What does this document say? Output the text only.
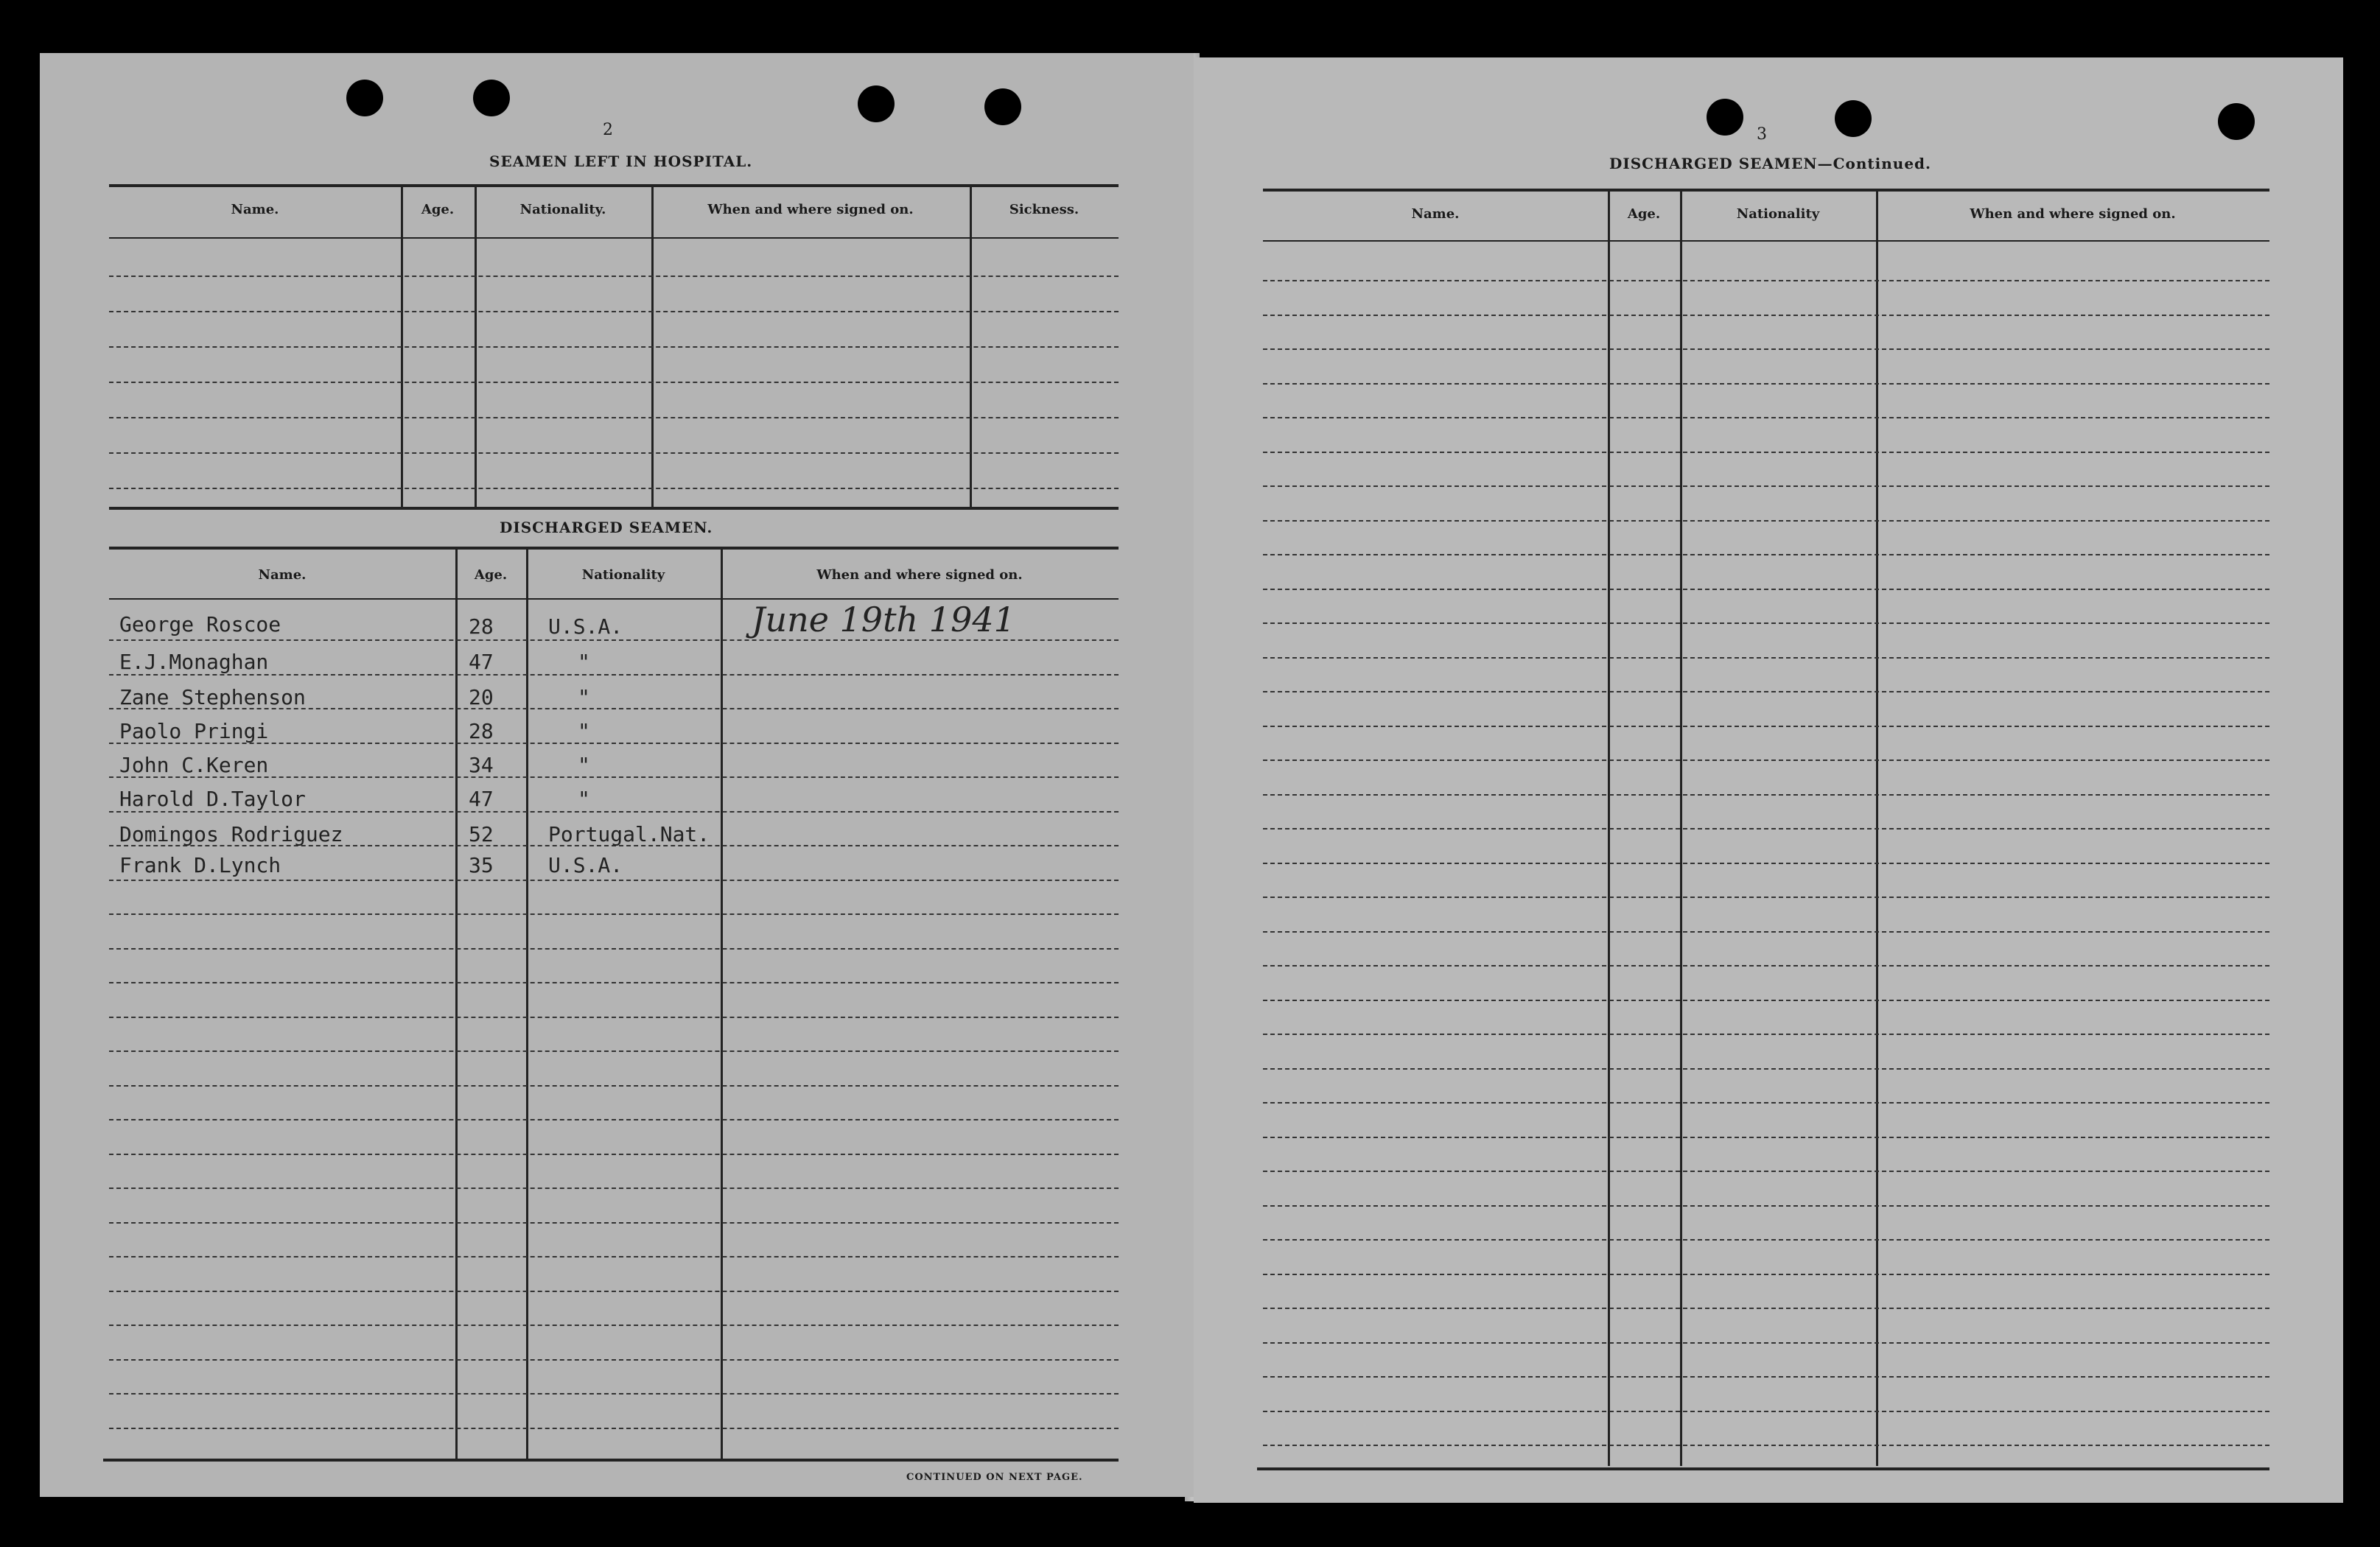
2
SEAMEN LEFT IN HOSPITAL.
Name.	Age.	Nationality.	When and where signed on.	Sickness.
DISCHARGED SEAMEN.
Name.	Age.	Nationality	When and where signed on.
George Roscoe	28	U.S.A.	June 19th 1941
E.J.Monaghan	47	"
Zane Stephenson	20	"
Paolo Pringi	28	"
John C.Keren	34	"
Harold D.Taylor	47	"
Domingos Rodriguez	52	Portugal.Nat.
Frank D.Lynch	35	U.S.A.
CONTINUED ON NEXT PAGE.
3
DISCHARGED SEAMEN—Continued.
Name.	Age.	Nationality	When and where signed on.
